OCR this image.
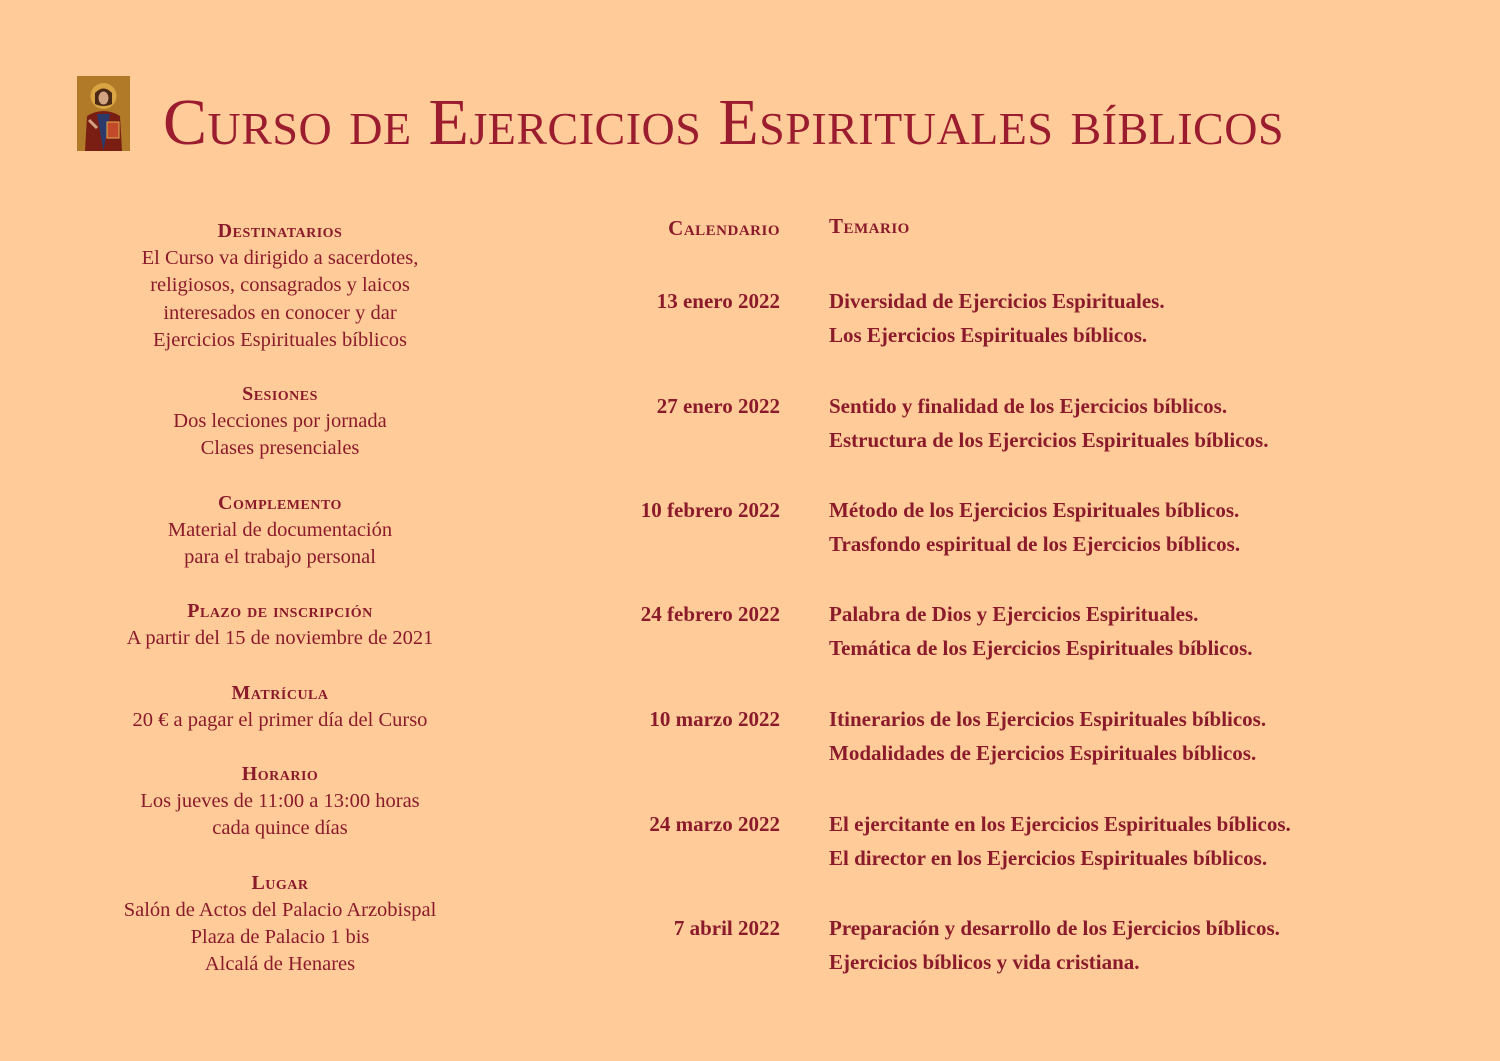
Curso de Ejercicios Espirituales bíblicos
Destinatarios
El Curso va dirigido a sacerdotes,
religiosos, consagrados y laicos
interesados en conocer y dar
Ejercicios Espirituales bíblicos
Sesiones
Dos lecciones por jornada
Clases presenciales
Complemento
Material de documentación
para el trabajo personal
Plazo de inscripción
A partir del 15 de noviembre de 2021
Matrícula
20 € a pagar el primer día del Curso
Horario
Los jueves de 11:00 a 13:00 horas
cada quince días
Lugar
Salón de Actos del Palacio Arzobispal
Plaza de Palacio 1 bis
Alcalá de Henares
Calendario Temario
13 enero 2022 Diversidad de Ejercicios Espirituales.
Los Ejercicios Espirituales bíblicos.
27 enero 2022 Sentido y finalidad de los Ejercicios bíblicos.
Estructura de los Ejercicios Espirituales bíblicos.
10 febrero 2022 Método de los Ejercicios Espirituales bíblicos.
Trasfondo espiritual de los Ejercicios bíblicos.
24 febrero 2022 Palabra de Dios y Ejercicios Espirituales.
Temática de los Ejercicios Espirituales bíblicos.
10 marzo 2022 Itinerarios de los Ejercicios Espirituales bíblicos.
Modalidades de Ejercicios Espirituales bíblicos.
24 marzo 2022 El ejercitante en los Ejercicios Espirituales bíblicos.
El director en los Ejercicios Espirituales bíblicos.
7 abril 2022 Preparación y desarrollo de los Ejercicios bíblicos.
Ejercicios bíblicos y vida cristiana.
